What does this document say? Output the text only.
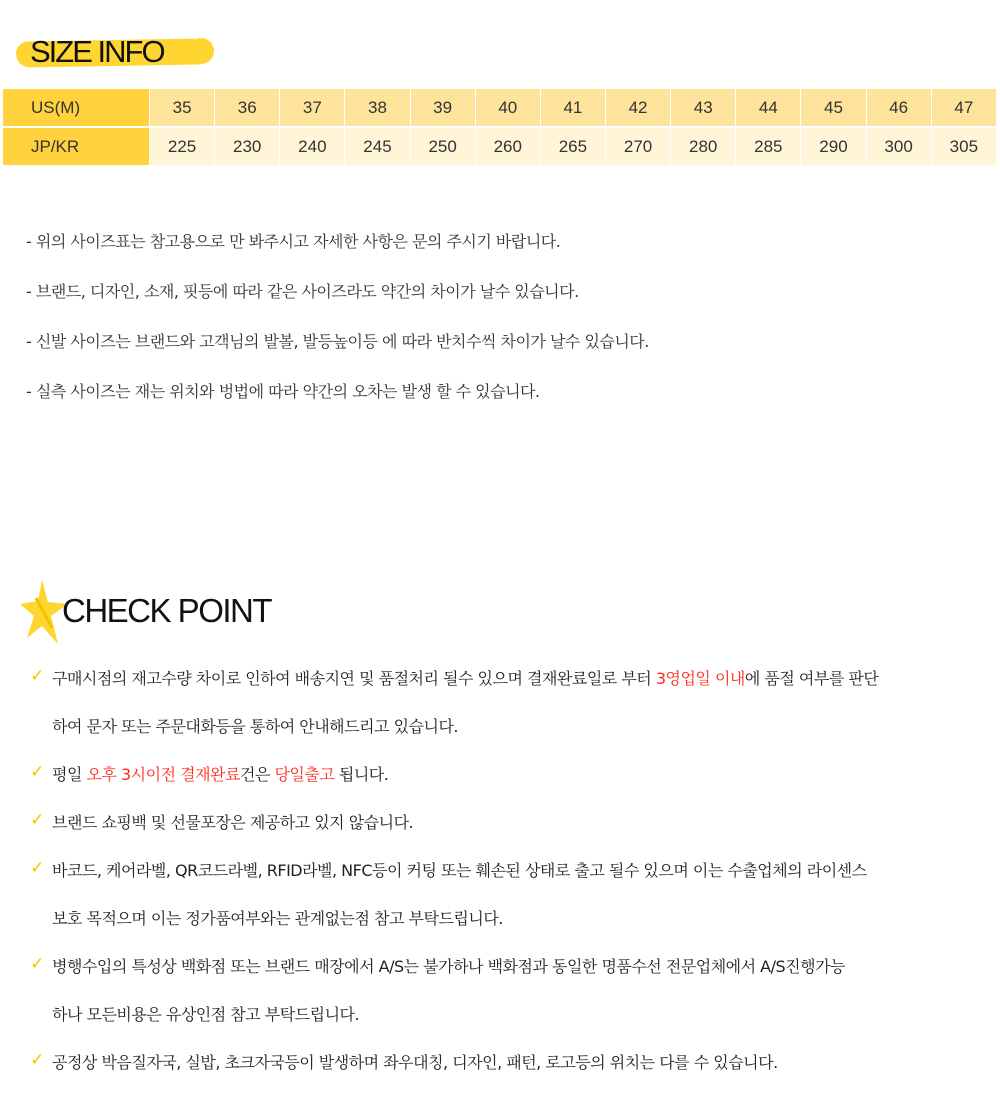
SIZE INFO
US(M)	35	36	37	38	39	40	41	42	43	44	45	46	47
JP/KR	225	230	240	245	250	260	265	270	280	285	290	300	305
- 위의 사이즈표는 참고용으로 만 봐주시고 자세한 사항은 문의 주시기 바랍니다.
- 브랜드, 디자인, 소재, 핏등에 따라 같은 사이즈라도 약간의 차이가 날수 있습니다.
- 신발 사이즈는 브랜드와 고객님의 발볼, 발등높이등 에 따라 반치수씩 차이가 날수 있습니다.
- 실측 사이즈는 재는 위치와 벙법에 따라 약간의 오차는 발생 할 수 있습니다.
CHECK POINT
✓ 구매시점의 재고수량 차이로 인하여 배송지연 및 품절처리 될수 있으며 결재완료일로 부터 3영업일 이내에 품절 여부를 판단
하여 문자 또는 주문대화등을 통하여 안내해드리고 있습니다.
✓ 평일 오후 3시이전 결재완료건은 당일출고 됩니다.
✓ 브랜드 쇼핑백 및 선물포장은 제공하고 있지 않습니다.
✓ 바코드, 케어라벨, QR코드라벨, RFID라벨, NFC등이 커팅 또는 훼손된 상태로 출고 될수 있으며 이는 수출업체의 라이센스
보호 목적으며 이는 정가품여부와는 관계없는점 참고 부탁드립니다.
✓ 병행수입의 특성상 백화점 또는 브랜드 매장에서 A/S는 불가하나 백화점과 동일한 명품수선 전문업체에서 A/S진행가능
하나 모든비용은 유상인점 참고 부탁드립니다.
✓ 공정상 박음질자국, 실밥, 초크자국등이 발생하며 좌우대칭, 디자인, 패턴, 로고등의 위치는 다를 수 있습니다.
